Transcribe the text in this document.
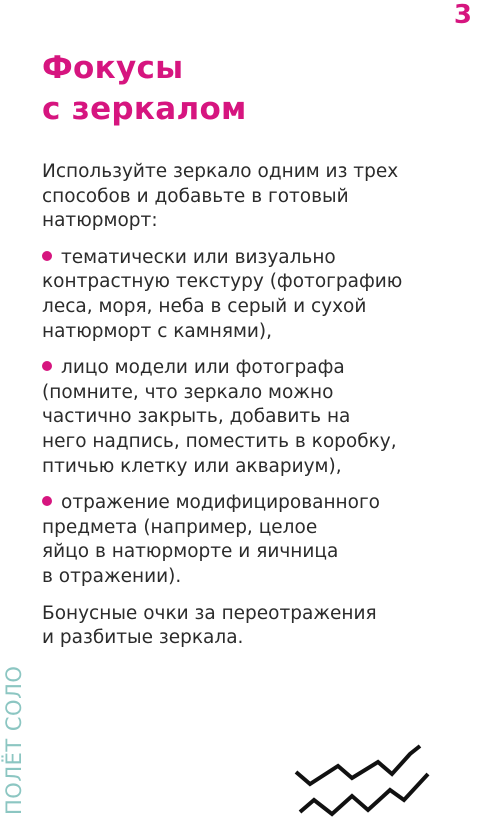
3
Фокусы
с зеркалом

Используйте зеркало одним из трех
способов и добавьте в готовый
натюрморт:

тематически или визуально
контрастную текстуру (фотографию
леса, моря, неба в серый и сухой
натюрморт с камнями),

лицо модели или фотографа
(помните, что зеркало можно
частично закрыть, добавить на
него надпись, поместить в коробку,
птичью клетку или аквариум),

отражение модифицированного
предмета (например, целое
яйцо в натюрморте и яичница
в отражении).

Бонусные очки за переотражения
и разбитые зеркала.

ПОЛЁТ СОЛО
